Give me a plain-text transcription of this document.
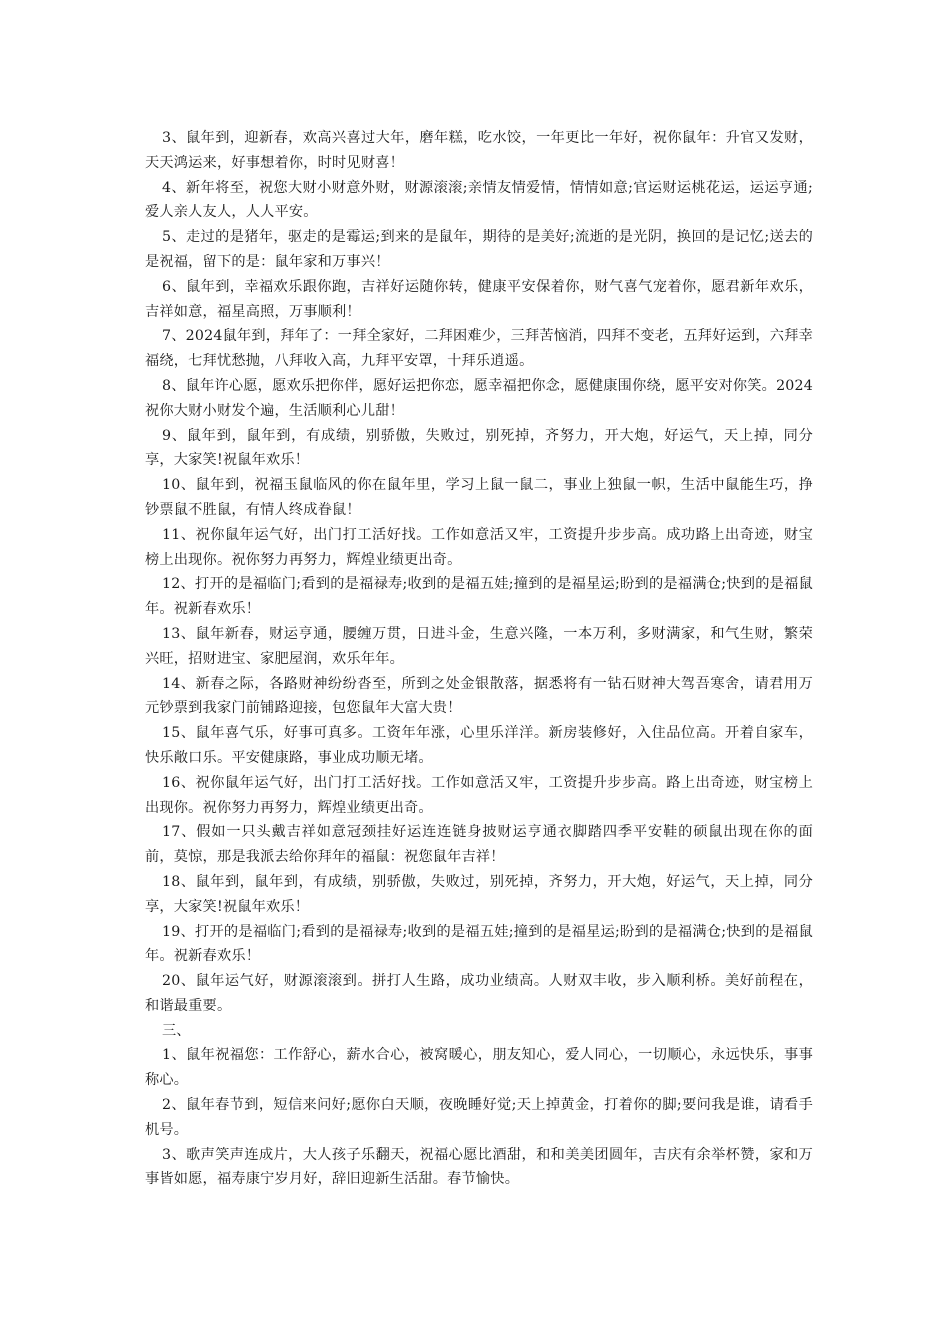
3、鼠年到，迎新春，欢高兴喜过大年，磨年糕，吃水饺，一年更比一年好，祝你鼠年：升官又发财，天天鸿运来，好事想着你，时时见财喜！

4、新年将至，祝您大财小财意外财，财源滚滚;亲情友情爱情，情情如意;官运财运桃花运，运运亨通;爱人亲人友人，人人平安。

5、走过的是猪年，驱走的是霉运;到来的是鼠年，期待的是美好;流逝的是光阴，换回的是记忆;送去的是祝福，留下的是：鼠年家和万事兴！

6、鼠年到，幸福欢乐跟你跑，吉祥好运随你转，健康平安保着你，财气喜气宠着你，愿君新年欢乐，吉祥如意，福星高照，万事顺利！

7、2024鼠年到，拜年了：一拜全家好，二拜困难少，三拜苦恼消，四拜不变老，五拜好运到，六拜幸福绕，七拜忧愁抛，八拜收入高，九拜平安罩，十拜乐逍遥。

8、鼠年许心愿，愿欢乐把你伴，愿好运把你恋，愿幸福把你念，愿健康围你绕，愿平安对你笑。2024祝你大财小财发个遍，生活顺利心儿甜！

9、鼠年到，鼠年到，有成绩，别骄傲，失败过，别死掉，齐努力，开大炮，好运气，天上掉，同分享，大家笑!祝鼠年欢乐！

10、鼠年到，祝福玉鼠临风的你在鼠年里，学习上鼠一鼠二，事业上独鼠一帜，生活中鼠能生巧，挣钞票鼠不胜鼠，有情人终成眷鼠！

11、祝你鼠年运气好，出门打工活好找。工作如意活又牢，工资提升步步高。成功路上出奇迹，财宝榜上出现你。祝你努力再努力，辉煌业绩更出奇。

12、打开的是福临门;看到的是福禄寿;收到的是福五娃;撞到的是福星运;盼到的是福满仓;快到的是福鼠年。祝新春欢乐！

13、鼠年新春，财运亨通，腰缠万贯，日进斗金，生意兴隆，一本万利，多财满家，和气生财，繁荣兴旺，招财进宝、家肥屋润，欢乐年年。

14、新春之际，各路财神纷纷沓至，所到之处金银散落，据悉将有一钻石财神大驾吾寒舍，请君用万元钞票到我家门前铺路迎接，包您鼠年大富大贵！

15、鼠年喜气乐，好事可真多。工资年年涨，心里乐洋洋。新房装修好，入住品位高。开着自家车，快乐敞口乐。平安健康路，事业成功顺无堵。

16、祝你鼠年运气好，出门打工活好找。工作如意活又牢，工资提升步步高。路上出奇迹，财宝榜上出现你。祝你努力再努力，辉煌业绩更出奇。

17、假如一只头戴吉祥如意冠颈挂好运连连链身披财运亨通衣脚踏四季平安鞋的硕鼠出现在你的面前，莫惊，那是我派去给你拜年的福鼠：祝您鼠年吉祥！

18、鼠年到，鼠年到，有成绩，别骄傲，失败过，别死掉，齐努力，开大炮，好运气，天上掉，同分享，大家笑!祝鼠年欢乐！

19、打开的是福临门;看到的是福禄寿;收到的是福五娃;撞到的是福星运;盼到的是福满仓;快到的是福鼠年。祝新春欢乐！

20、鼠年运气好，财源滚滚到。拼打人生路，成功业绩高。人财双丰收，步入顺利桥。美好前程在，和谐最重要。

三、

1、鼠年祝福您：工作舒心，薪水合心，被窝暖心，朋友知心，爱人同心，一切顺心，永远快乐，事事称心。

2、鼠年春节到，短信来问好;愿你白天顺，夜晚睡好觉;天上掉黄金，打着你的脚;要问我是谁，请看手机号。

3、歌声笑声连成片，大人孩子乐翻天，祝福心愿比酒甜，和和美美团圆年，吉庆有余举杯赞，家和万事皆如愿，福寿康宁岁月好，辞旧迎新生活甜。春节愉快。
